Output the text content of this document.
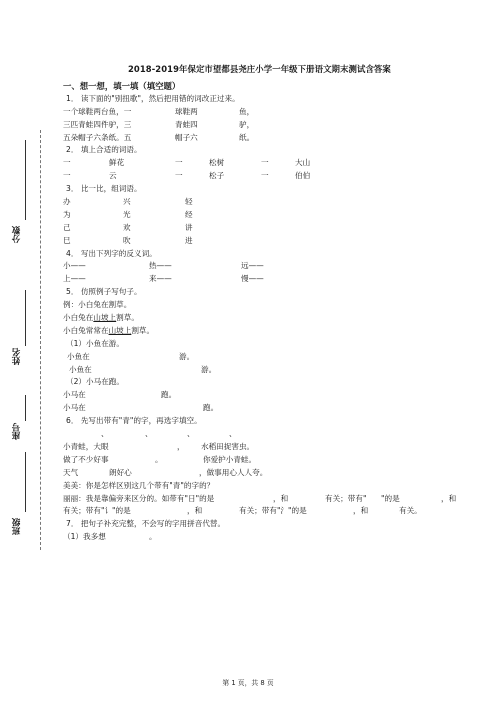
分数
姓名
座号
班级
2018-2019年保定市望都县尧庄小学一年级下册语文期末测试含答案
一、想一想，填一填（填空题）
1． 读下面的"别扭歌"，然后把用错的词改正过来。
一个球鞋两台鱼，一	球鞋两	鱼，
三匹青蛙四件驴，三	青蛙四	驴，
五朵帽子六条纸。五	帽子六	纸。
2． 填上合适的词语。
一	鲜花	一	松树	一	大山
一	云	一	松子	一	伯伯
3． 比一比，组词语。
办	兴	轻
为	光	经
己	欢	讲
巳	吹	进
4． 写出下列字的反义词。
小——	热——	远——
上——	来——	慢——
5． 仿照例子写句子。
例：小白兔在割草。
小白兔在山坡上割草。
小白兔常常在山坡上割草。
（1）小鱼在游。
小鱼在	游。
小鱼在	游。
（2）小马在跑。
小马在	跑。
小马在	跑。
6． 先写出带有"青"的字，再选字填空。
、	、	、	、
小青蛙，大眼	， 水稻田捉害虫。
做了不少好事	。	你爱护小青蛙。
天气	朗好心	，做事用心人人夸。
美美：你是怎样区别这几个带有"青"的字的？
丽丽：我是靠偏旁来区分的。如带有"日"的是	，和	有关；带有" "的是	，和
有关；带有"讠"的是	，和	有关；带有"氵"的是	，和	有关。
7． 把句子补充完整，不会写的字用拼音代替。
（1）我多想	。
第 1 页，共 8 页
